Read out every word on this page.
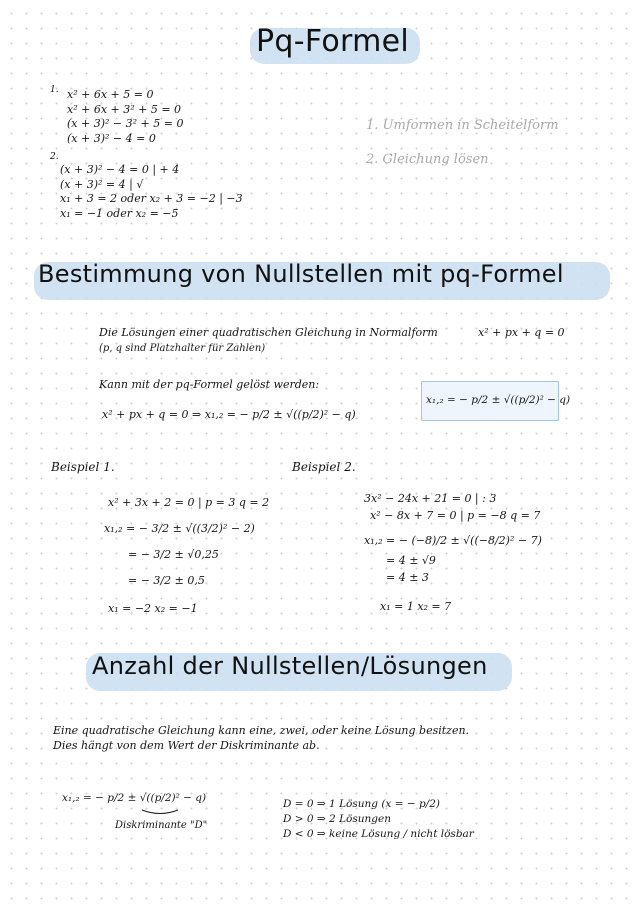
Pq-Formel
1. x² + 6x + 5 = 0
x² + 6x + 3² + 5 = 0
(x + 3)² − 3² + 5 = 0
(x + 3)² − 4 = 0
2.
(x + 3)² − 4 = 0 | + 4
(x + 3)² = 4 | √
x₁ + 3 = 2 oder x₂ + 3 = −2 | −3
x₁ = −1 oder x₂ = −5
1. Umformen in Scheitelform
2. Gleichung lösen
Bestimmung von Nullstellen mit pq-Formel
Die Lösungen einer quadratischen Gleichung in Normalform	x² + px + q = 0
(p, q sind Platzhalter für Zahlen)
Kann mit der pq-Formel gelöst werden:
x² + px + q = 0 ⇒ x₁,₂ = − p/2 ± √((p/2)² − q)
x₁,₂ = − p/2 ± √((p/2)² − q)
Beispiel 1.
x² + 3x + 2 = 0 | p = 3 q = 2
x₁,₂ = − 3/2 ± √((3/2)² − 2)
= − 3/2 ± √0,25
= − 3/2 ± 0,5
x₁ = −2 x₂ = −1
Beispiel 2.
3x² − 24x + 21 = 0 | : 3
x² − 8x + 7 = 0 | p = −8 q = 7
x₁,₂ = − (−8)/2 ± √((−8/2)² − 7)
= 4 ± √9
= 4 ± 3
x₁ = 1 x₂ = 7
Anzahl der Nullstellen/Lösungen
Eine quadratische Gleichung kann eine, zwei, oder keine Lösung besitzen.
Dies hängt von dem Wert der Diskriminante ab.
x₁,₂ = − p/2 ± √((p/2)² − q)
Diskriminante "D"
D = 0 ⇒ 1 Lösung (x = − p/2)
D > 0 ⇒ 2 Lösungen
D < 0 ⇒ keine Lösung / nicht lösbar
